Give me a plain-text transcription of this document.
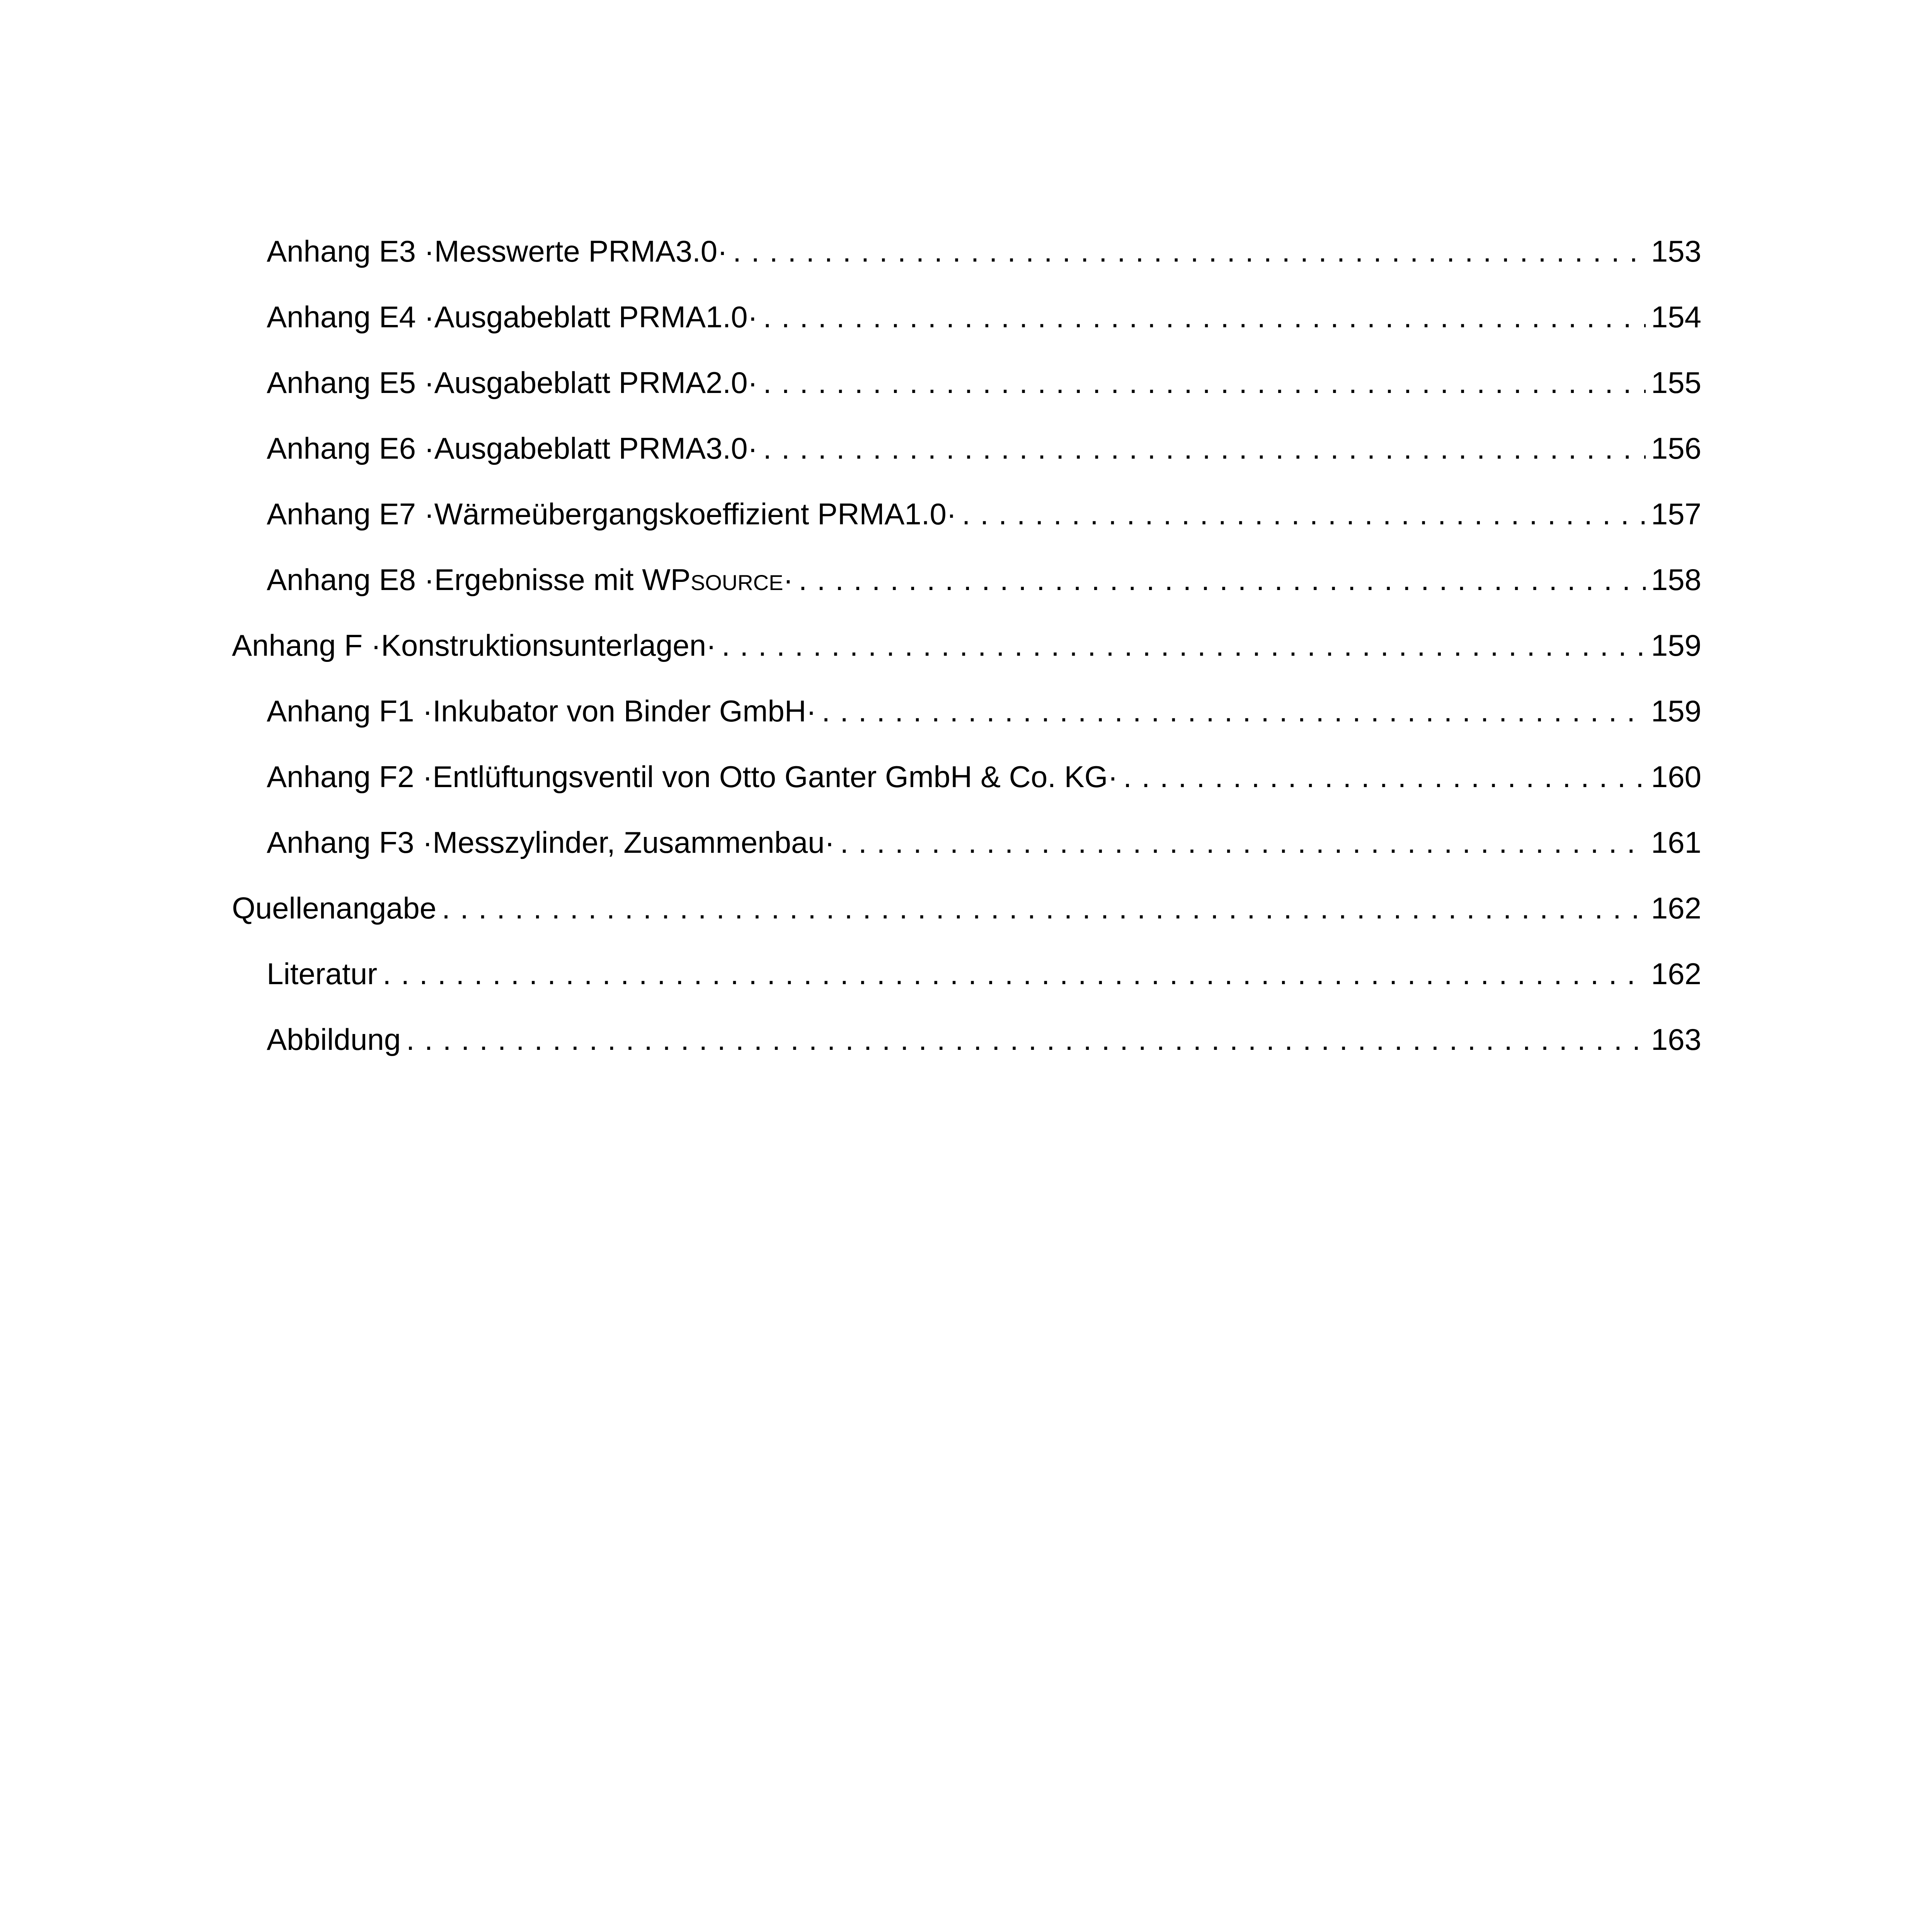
Anhang E3 ·Messwerte PRMA3.0· . . .	153
Anhang E4 ·Ausgabeblatt PRMA1.0· . . .	154
Anhang E5 ·Ausgabeblatt PRMA2.0· . . .	155
Anhang E6 ·Ausgabeblatt PRMA3.0· . . .	156
Anhang E7 ·Wärmeübergangskoeffizient PRMA1.0· . . .	157
Anhang E8 ·Ergebnisse mit WPSOURCE· . . .	158
Anhang F ·Konstruktionsunterlagen· . . .	159
Anhang F1 ·Inkubator von Binder GmbH· . . .	159
Anhang F2 ·Entlüftungsventil von Otto Ganter GmbH & Co. KG· . . .	160
Anhang F3 ·Messzylinder, Zusammenbau· . . .	161
Quellenangabe . . .	162
Literatur . . .	162
Abbildung . . .	163
